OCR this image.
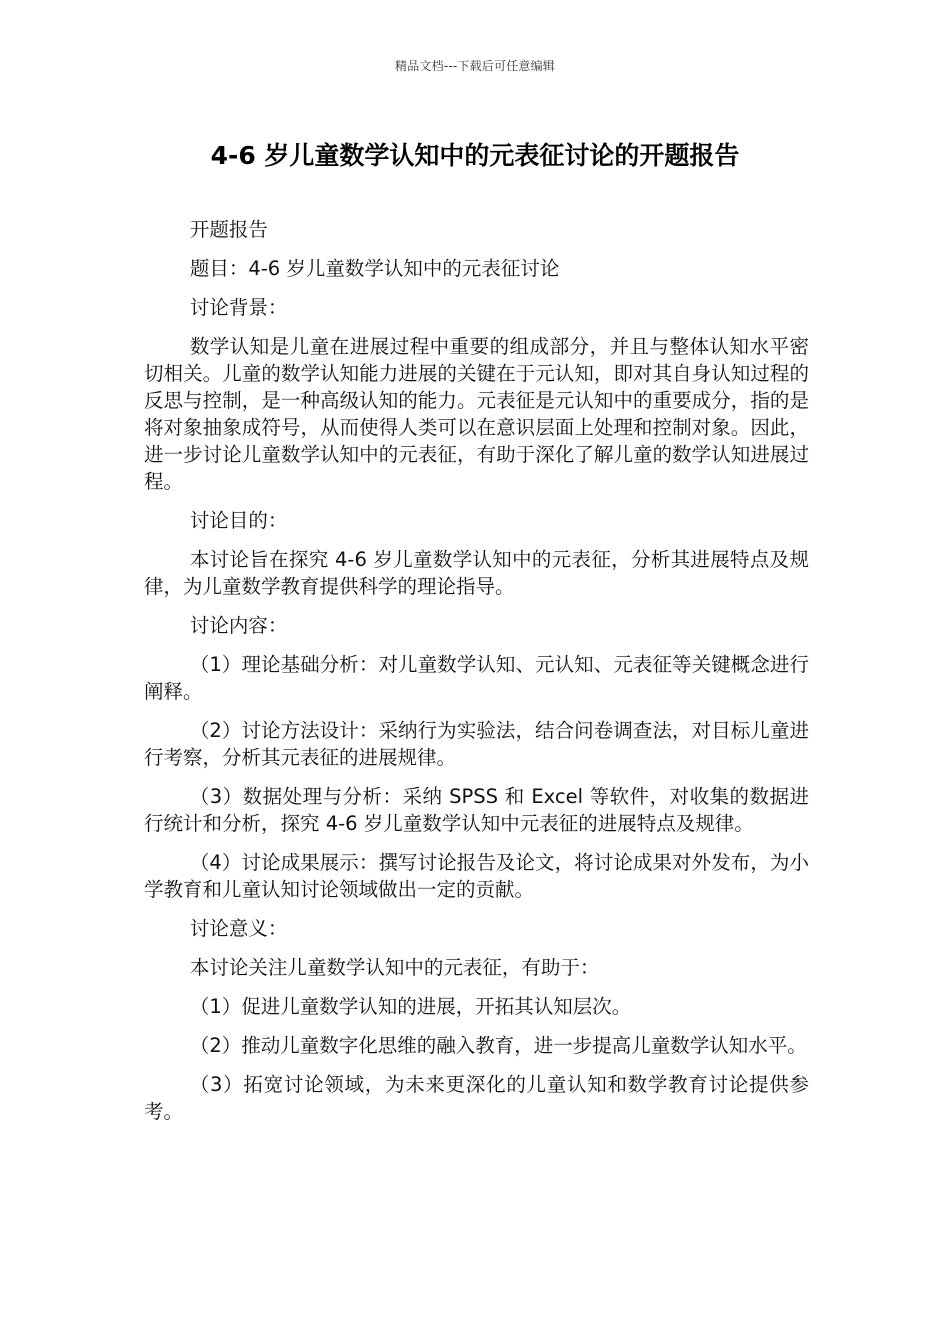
精品文档---下载后可任意编辑
4-6 岁儿童数学认知中的元表征讨论的开题报告

开题报告

题目：4-6 岁儿童数学认知中的元表征讨论

讨论背景：

数学认知是儿童在进展过程中重要的组成部分，并且与整体认知水平密切相关。儿童的数学认知能力进展的关键在于元认知，即对其自身认知过程的反思与控制，是一种高级认知的能力。元表征是元认知中的重要成分，指的是将对象抽象成符号，从而使得人类可以在意识层面上处理和控制对象。因此，进一步讨论儿童数学认知中的元表征，有助于深化了解儿童的数学认知进展过程。

讨论目的：

本讨论旨在探究 4-6 岁儿童数学认知中的元表征，分析其进展特点及规律，为儿童数学教育提供科学的理论指导。

讨论内容：

（1）理论基础分析：对儿童数学认知、元认知、元表征等关键概念进行阐释。

（2）讨论方法设计：采纳行为实验法，结合问卷调查法，对目标儿童进行考察，分析其元表征的进展规律。

（3）数据处理与分析：采纳 SPSS 和 Excel 等软件，对收集的数据进行统计和分析，探究 4-6 岁儿童数学认知中元表征的进展特点及规律。

（4）讨论成果展示：撰写讨论报告及论文，将讨论成果对外发布，为小学教育和儿童认知讨论领域做出一定的贡献。

讨论意义：

本讨论关注儿童数学认知中的元表征，有助于：

（1）促进儿童数学认知的进展，开拓其认知层次。

（2）推动儿童数字化思维的融入教育，进一步提高儿童数学认知水平。

（3）拓宽讨论领域，为未来更深化的儿童认知和数学教育讨论提供参考。
